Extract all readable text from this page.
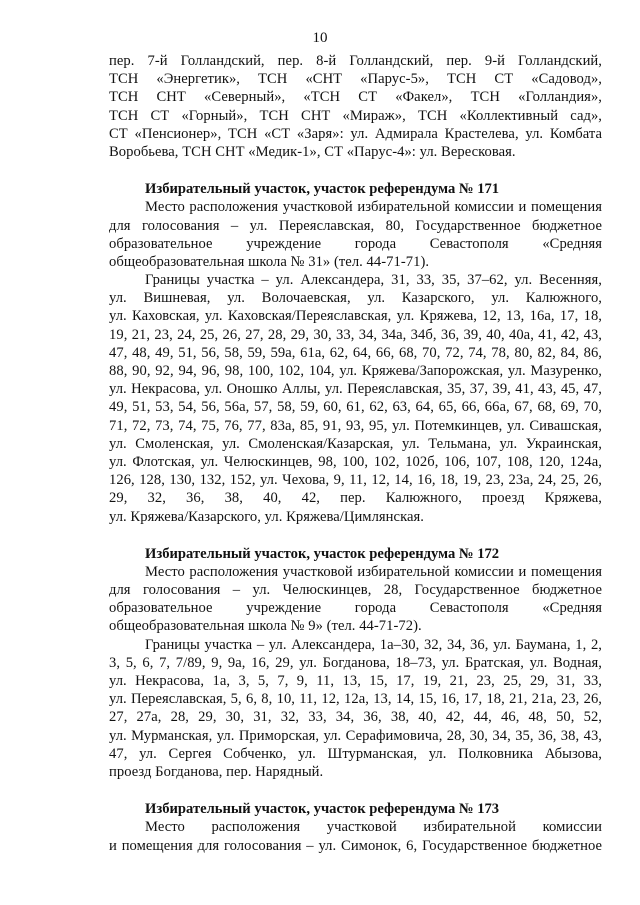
10
пер. 7-й Голландский, пер. 8-й Голландский, пер. 9-й Голландский,
ТСН «Энергетик», ТСН «СНТ «Парус-5», ТСН СТ «Садовод»,
ТСН СНТ «Северный», «ТСН СТ «Факел», ТСН «Голландия»,
ТСН СТ «Горный», ТСН СНТ «Мираж», ТСН «Коллективный сад»,
СТ «Пенсионер», ТСН «СТ «Заря»: ул. Адмирала Крастелева, ул. Комбата
Воробьева, ТСН СНТ «Медик-1», СТ «Парус-4»: ул. Вересковая.
Избирательный участок, участок референдума № 171
Место расположения участковой избирательной комиссии и помещения
для голосования – ул. Переяславская, 80, Государственное бюджетное
образовательное учреждение города Севастополя «Средняя
общеобразовательная школа № 31» (тел. 44-71-71).
Границы участка – ул. Александера, 31, 33, 35, 37–62, ул. Весенняя,
ул. Вишневая, ул. Волочаевская, ул. Казарского, ул. Калюжного,
ул. Каховская, ул. Каховская/Переяславская, ул. Кряжева, 12, 13, 16а, 17, 18,
19, 21, 23, 24, 25, 26, 27, 28, 29, 30, 33, 34, 34а, 34б, 36, 39, 40, 40а, 41, 42, 43,
47, 48, 49, 51, 56, 58, 59, 59а, 61а, 62, 64, 66, 68, 70, 72, 74, 78, 80, 82, 84, 86,
88, 90, 92, 94, 96, 98, 100, 102, 104, ул. Кряжева/Запорожская, ул. Мазуренко,
ул. Некрасова, ул. Оношко Аллы, ул. Переяславская, 35, 37, 39, 41, 43, 45, 47,
49, 51, 53, 54, 56, 56а, 57, 58, 59, 60, 61, 62, 63, 64, 65, 66, 66а, 67, 68, 69, 70,
71, 72, 73, 74, 75, 76, 77, 83а, 85, 91, 93, 95, ул. Потемкинцев, ул. Сивашская,
ул. Смоленская, ул. Смоленская/Казарская, ул. Тельмана, ул. Украинская,
ул. Флотская, ул. Челюскинцев, 98, 100, 102, 102б, 106, 107, 108, 120, 124а,
126, 128, 130, 132, 152, ул. Чехова, 9, 11, 12, 14, 16, 18, 19, 23, 23а, 24, 25, 26,
29, 32, 36, 38, 40, 42, пер. Калюжного, проезд Кряжева,
ул. Кряжева/Казарского, ул. Кряжева/Цимлянская.
Избирательный участок, участок референдума № 172
Место расположения участковой избирательной комиссии и помещения
для голосования – ул. Челюскинцев, 28, Государственное бюджетное
образовательное учреждение города Севастополя «Средняя
общеобразовательная школа № 9» (тел. 44-71-72).
Границы участка – ул. Александера, 1а–30, 32, 34, 36, ул. Баумана, 1, 2,
3, 5, 6, 7, 7/89, 9, 9а, 16, 29, ул. Богданова, 18–73, ул. Братская, ул. Водная,
ул. Некрасова, 1а, 3, 5, 7, 9, 11, 13, 15, 17, 19, 21, 23, 25, 29, 31, 33,
ул. Переяславская, 5, 6, 8, 10, 11, 12, 12а, 13, 14, 15, 16, 17, 18, 21, 21а, 23, 26,
27, 27а, 28, 29, 30, 31, 32, 33, 34, 36, 38, 40, 42, 44, 46, 48, 50, 52,
ул. Мурманская, ул. Приморская, ул. Серафимовича, 28, 30, 34, 35, 36, 38, 43,
47, ул. Сергея Собченко, ул. Штурманская, ул. Полковника Абызова,
проезд Богданова, пер. Нарядный.
Избирательный участок, участок референдума № 173
Место расположения участковой избирательной комиссии
и помещения для голосования – ул. Симонок, 6, Государственное бюджетное
